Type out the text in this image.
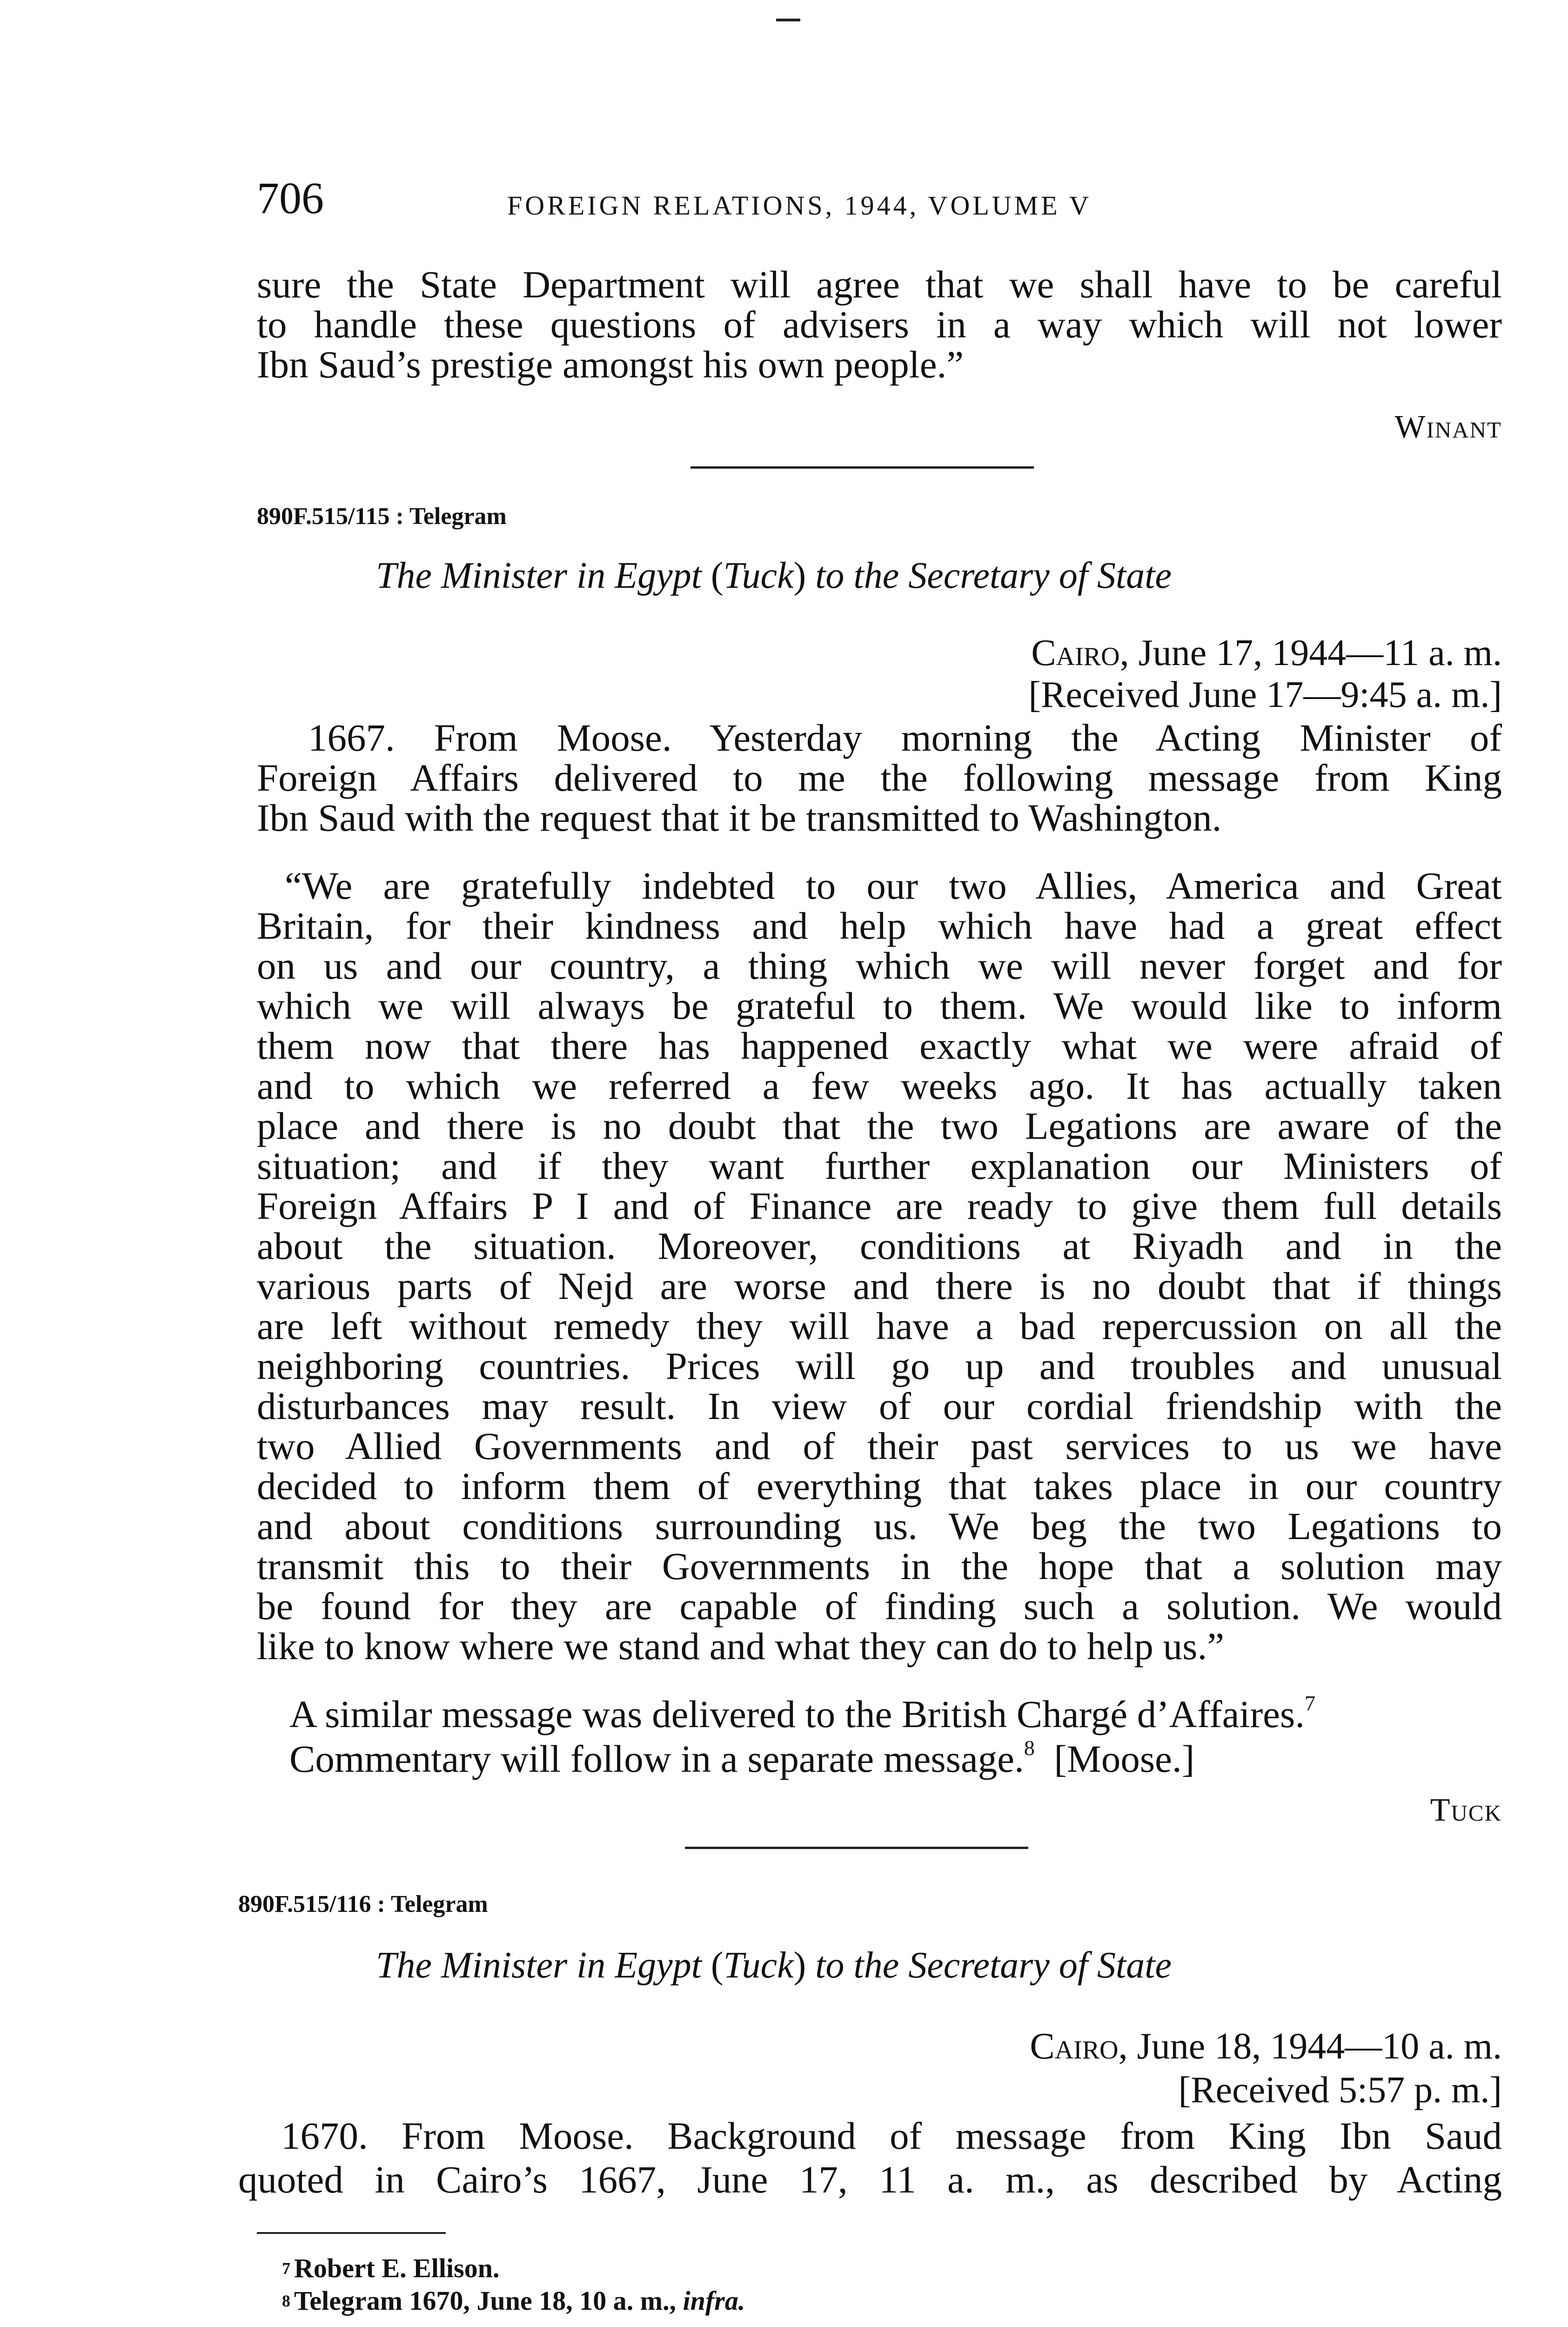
706	FOREIGN RELATIONS, 1944, VOLUME V

sure the State Department will agree that we shall have to be careful

to handle these questions of advisers in a way which will not lower

Ibn Saud’s prestige amongst his own people.”

Winant
890F.515/115 : Telegram
The Minister in Egypt (Tuck) to the Secretary of State
Cairo, June 17, 1944—11 a. m.
[Received June 17—9:45 a. m.]

1667. From Moose. Yesterday morning the Acting Minister of

Foreign Affairs delivered to me the following message from King

Ibn Saud with the request that it be transmitted to Washington.

“We are gratefully indebted to our two Allies, America and Great

Britain, for their kindness and help which have had a great effect

on us and our country, a thing which we will never forget and for

which we will always be grateful to them. We would like to inform

them now that there has happened exactly what we were afraid of

and to which we referred a few weeks ago. It has actually taken

place and there is no doubt that the two Legations are aware of the

situation; and if they want further explanation our Ministers of

Foreign Affairs P I and of Finance are ready to give them full details

about the situation. Moreover, conditions at Riyadh and in the

various parts of Nejd are worse and there is no doubt that if things

are left without remedy they will have a bad repercussion on all the

neighboring countries. Prices will go up and troubles and unusual

disturbances may result. In view of our cordial friendship with the

two Allied Governments and of their past services to us we have

decided to inform them of everything that takes place in our country

and about conditions surrounding us. We beg the two Legations to

transmit this to their Governments in the hope that a solution may

be found for they are capable of finding such a solution. We would

like to know where we stand and what they can do to help us.”

A similar message was delivered to the British Chargé d’Affaires.$^7$

Commentary will follow in a separate message.$^8$  [Moose.]

Tuck
890F.515/116 : Telegram
The Minister in Egypt (Tuck) to the Secretary of State
Cairo, June 18, 1944—10 a. m.
[Received 5:57 p. m.]

1670. From Moose. Background of message from King Ibn Saud

quoted in Cairo’s 1667, June 17, 11 a. m., as described by Acting

$^7$ Robert E. Ellison.
$^8$ Telegram 1670, June 18, 10 a. m., infra.
